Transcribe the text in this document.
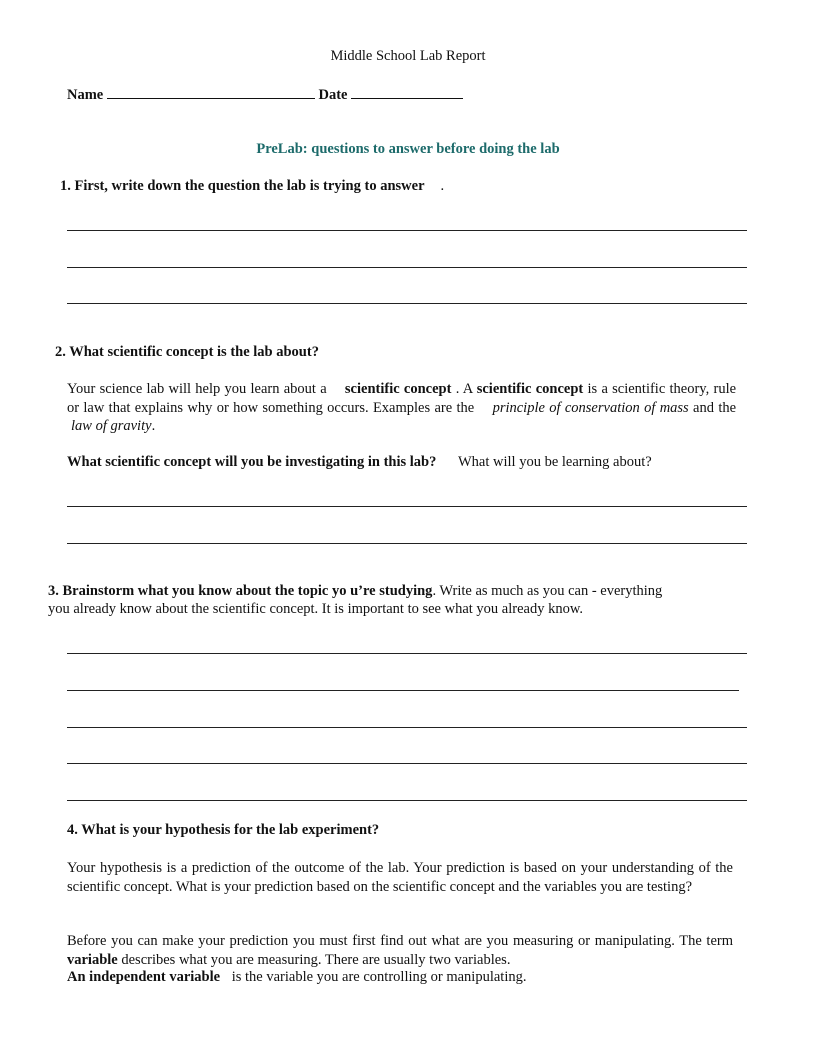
Middle School Lab Report
Name	Date
PreLab: questions to answer before doing the lab
1. First, write down the question the lab is trying to answer .
2. What scientific concept is the lab about?
Your science lab will help you learn about a scientific concept . A scientific concept is a scientific theory, rule or law that explains why or how something occurs. Examples are the principle of conservation of mass and the law of gravity.
What scientific concept will you be investigating in this lab? What will you be learning about?
3. Brainstorm what you know about the topic yo u’re studying. Write as much as you can - everything
you already know about the scientific concept. It is important to see what you already know.
4. What is your hypothesis for the lab experiment?
Your hypothesis is a prediction of the outcome of the lab. Your prediction is based on your understanding of the scientific concept. What is your prediction based on the scientific concept and the variables you are testing?
Before you can make your prediction you must first find out what are you measuring or manipulating. The term variable describes what you are measuring. There are usually two variables.
An independent variable is the variable you are controlling or manipulating.
